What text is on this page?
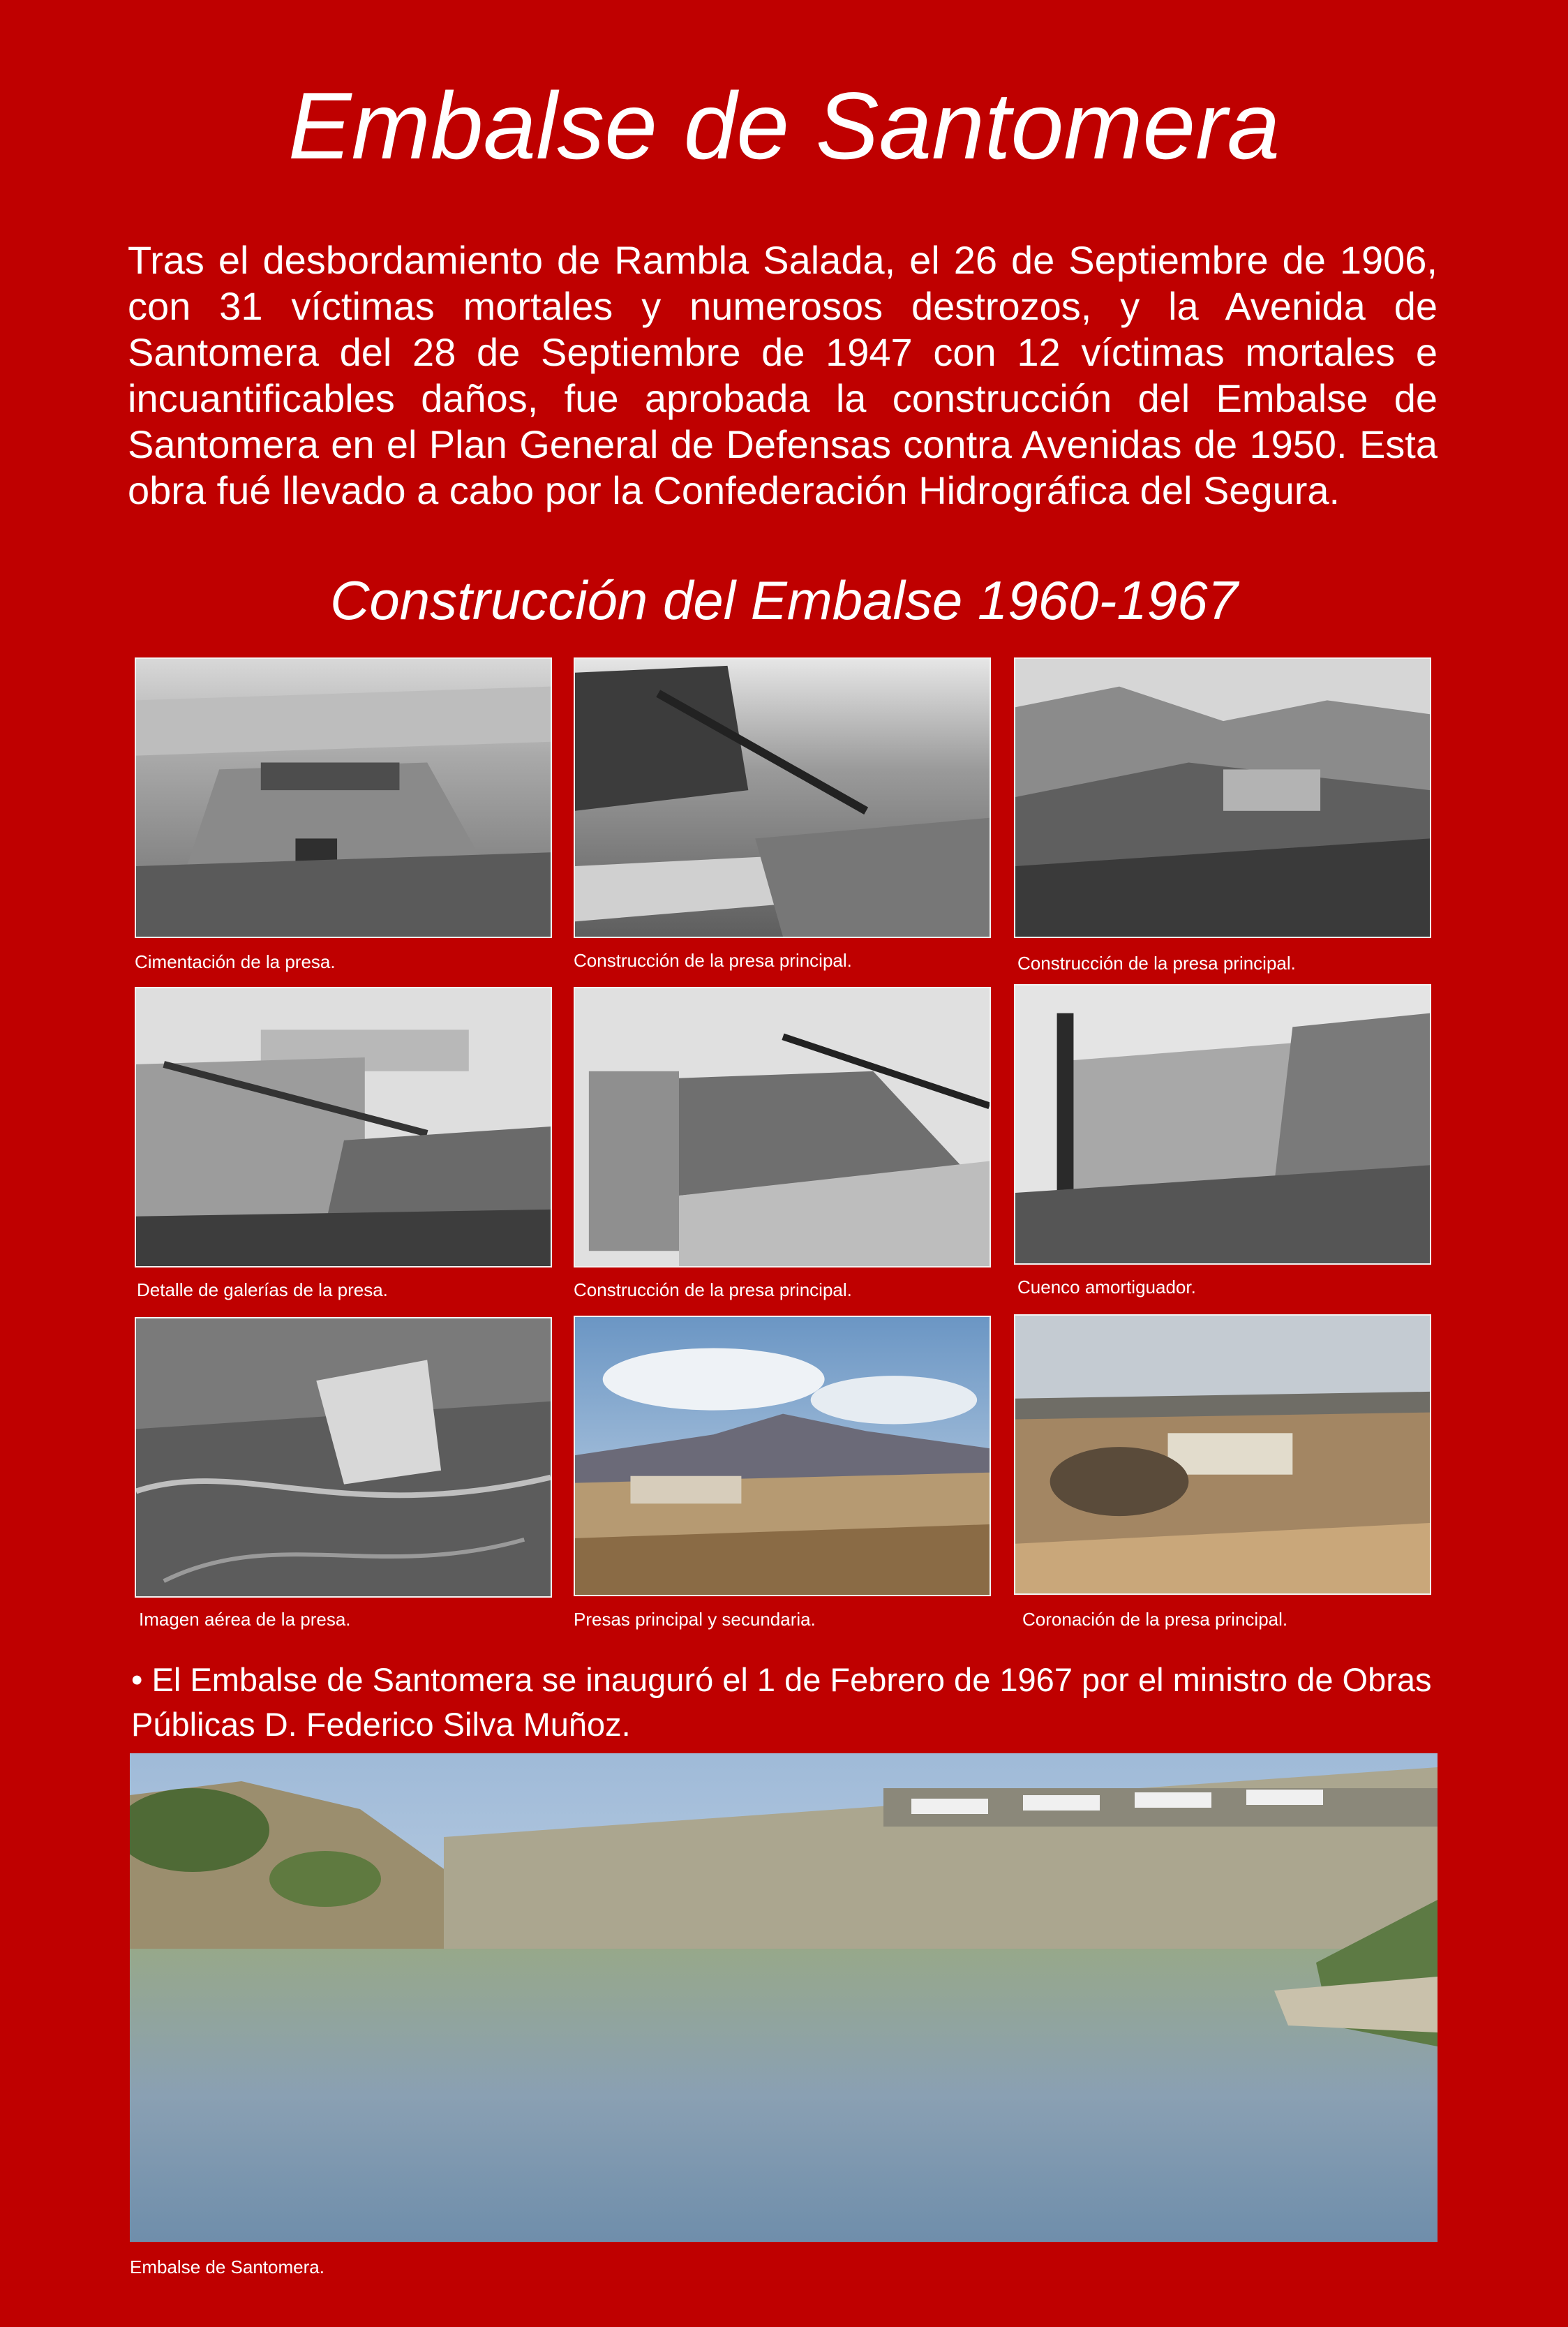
Embalse de Santomera

Tras el desbordamiento de Rambla Salada, el 26 de Septiembre de 1906, con 31 víctimas mortales y numerosos destrozos, y la Avenida de Santomera del 28 de Septiembre de 1947 con 12 víctimas mortales e incuantificables daños, fue aprobada la construcción del Embalse de Santomera en el Plan General de Defensas contra Avenidas de 1950. Esta obra fué llevado a cabo por la Confederación Hidrográfica del Segura.

Construcción del Embalse 1960-1967
Cimentación de la presa.	Construcción de la presa principal.	Construcción de la presa principal.
Detalle de galerías de la presa.	Construcción de la presa principal.	Cuenco amortiguador.
Imagen aérea de la presa.	Presas principal y secundaria.	Coronación de la presa principal.

• El Embalse de Santomera se inauguró el 1 de Febrero de 1967 por el ministro de Obras Públicas D. Federico Silva Muñoz.

Embalse de Santomera.
